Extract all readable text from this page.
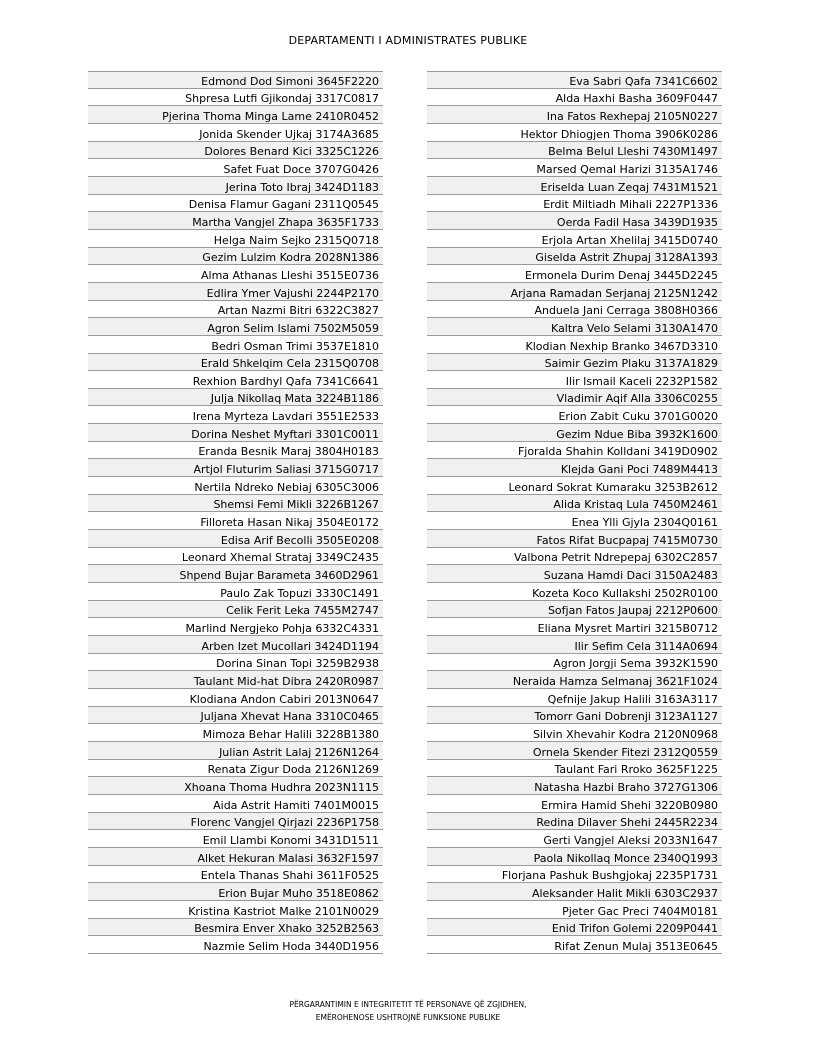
DEPARTAMENTI I ADMINISTRATES PUBLIKE
Edmond Dod Simoni 3645F2220
Shpresa Lutfi Gjikondaj 3317C0817
Pjerina Thoma Minga Lame 2410R0452
Jonida Skender Ujkaj 3174A3685
Dolores Benard Kici 3325C1226
Safet Fuat Doce 3707G0426
Jerina Toto Ibraj 3424D1183
Denisa Flamur Gagani 2311Q0545
Martha Vangjel Zhapa 3635F1733
Helga Naim Sejko 2315Q0718
Gezim Lulzim Kodra 2028N1386
Alma Athanas Lleshi 3515E0736
Edlira Ymer Vajushi 2244P2170
Artan Nazmi Bitri 6322C3827
Agron Selim Islami 7502M5059
Bedri Osman Trimi 3537E1810
Erald Shkelqim Cela 2315Q0708
Rexhion Bardhyl Qafa 7341C6641
Julja Nikollaq Mata 3224B1186
Irena Myrteza Lavdari 3551E2533
Dorina Neshet Myftari 3301C0011
Eranda Besnik Maraj 3804H0183
Artjol Fluturim Saliasi 3715G0717
Nertila Ndreko Nebiaj 6305C3006
Shemsi Femi Mikli 3226B1267
Filloreta Hasan Nikaj 3504E0172
Edisa Arif Becolli 3505E0208
Leonard Xhemal Strataj 3349C2435
Shpend Bujar Barameta 3460D2961
Paulo Zak Topuzi 3330C1491
Celik Ferit Leka 7455M2747
Marlind Nergjeko Pohja 6332C4331
Arben Izet Mucollari 3424D1194
Dorina Sinan Topi 3259B2938
Taulant Mid-hat Dibra 2420R0987
Klodiana Andon Cabiri 2013N0647
Juljana Xhevat Hana 3310C0465
Mimoza Behar Halili 3228B1380
Julian Astrit Lalaj 2126N1264
Renata Zigur Doda 2126N1269
Xhoana Thoma Hudhra 2023N1115
Aida Astrit Hamiti 7401M0015
Florenc Vangjel Qirjazi 2236P1758
Emil Llambi Konomi 3431D1511
Alket Hekuran Malasi 3632F1597
Entela Thanas Shahi 3611F0525
Erion Bujar Muho 3518E0862
Kristina Kastriot Malke 2101N0029
Besmira Enver Xhako 3252B2563
Nazmie Selim Hoda 3440D1956
Eva Sabri Qafa 7341C6602
Alda Haxhi Basha 3609F0447
Ina Fatos Rexhepaj 2105N0227
Hektor Dhiogjen Thoma 3906K0286
Belma Belul Lleshi 7430M1497
Marsed Qemal Harizi 3135A1746
Eriselda Luan Zeqaj 7431M1521
Erdit Miltiadh Mihali 2227P1336
Oerda Fadil Hasa 3439D1935
Erjola Artan Xhelilaj 3415D0740
Giselda Astrit Zhupaj 3128A1393
Ermonela Durim Denaj 3445D2245
Arjana Ramadan Serjanaj 2125N1242
Anduela Jani Cerraga 3808H0366
Kaltra Velo Selami 3130A1470
Klodian Nexhip Branko 3467D3310
Saimir Gezim Plaku 3137A1829
Ilir Ismail Kaceli 2232P1582
Vladimir Aqif Alla 3306C0255
Erion Zabit Cuku 3701G0020
Gezim Ndue Biba 3932K1600
Fjoralda Shahin Kolldani 3419D0902
Klejda Gani Poci 7489M4413
Leonard Sokrat Kumaraku 3253B2612
Alida Kristaq Lula 7450M2461
Enea Ylli Gjyla 2304Q0161
Fatos Rifat Bucpapaj 7415M0730
Valbona Petrit Ndrepepaj 6302C2857
Suzana Hamdi Daci 3150A2483
Kozeta Koco Kullakshi 2502R0100
Sofjan Fatos Jaupaj 2212P0600
Eliana Mysret Martiri 3215B0712
Ilir Sefim Cela 3114A0694
Agron Jorgji Sema 3932K1590
Neraida Hamza Selmanaj 3621F1024
Qefnije Jakup Halili 3163A3117
Tomorr Gani Dobrenji 3123A1127
Silvin Xhevahir Kodra 2120N0968
Ornela Skender Fitezi 2312Q0559
Taulant Fari Rroko 3625F1225
Natasha Hazbi Braho 3727G1306
Ermira Hamid Shehi 3220B0980
Redina Dilaver Shehi 2445R2234
Gerti Vangjel Aleksi 2033N1647
Paola Nikollaq Monce 2340Q1993
Florjana Pashuk Bushgjokaj 2235P1731
Aleksander Halit Mikli 6303C2937
Pjeter Gac Preci 7404M0181
Enid Trifon Golemi 2209P0441
Rifat Zenun Mulaj 3513E0645
PËRGARANTIMIN E INTEGRITETIT TË PERSONAVE QË ZGJIDHEN,
EMËROHENOSE USHTROJNË FUNKSIONE PUBLIKE
